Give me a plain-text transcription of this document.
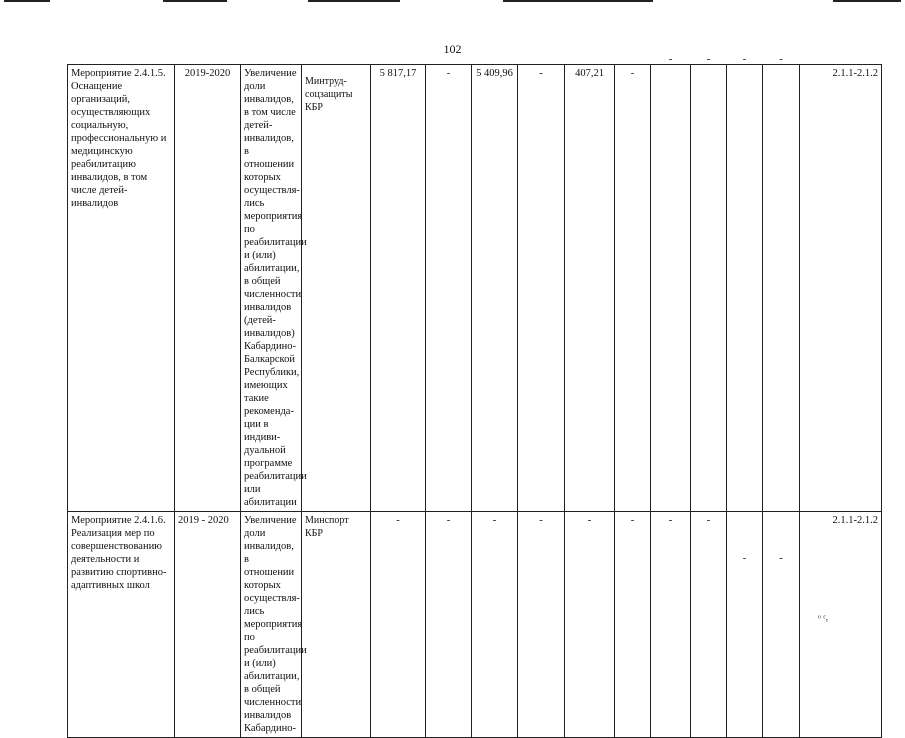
102
Мероприятие 2.4.1.5. Оснащение организаций, осуществляющих социальную, профессиональную и медицинскую реабилитацию инвалидов, в том числе детей-инвалидов	2019-2020	Увеличение доли инвалидов, в том числе детей-инвалидов, в отношении которых осуществля-лись мероприятия по реабилитации и (или) абилитации, в общей численности инвалидов (детей-инвалидов) Кабардино-Балкарской Республики, имеющих такие рекоменда-ции в индиви-дуальной программе реабилитации или абилитации	Минтруд-соцзащиты КБР	5 817,17	-	5 409,96	-	407,21	-	-	-	-	-	2.1.1-2.1.2
Мероприятие 2.4.1.6. Реализация мер по совершенствованию деятельности и развитию спортивно-адаптивных школ	2019 - 2020	Увеличение доли инвалидов, в отношении которых осуществля-лись мероприятия по реабилитации и (или) абилитации, в общей численности инвалидов Кабардино-	Минспорт КБР	-	-	-	-	-	-	-	-	-	-	2.1.1-2.1.2
ᵒ ᶜᵣ
